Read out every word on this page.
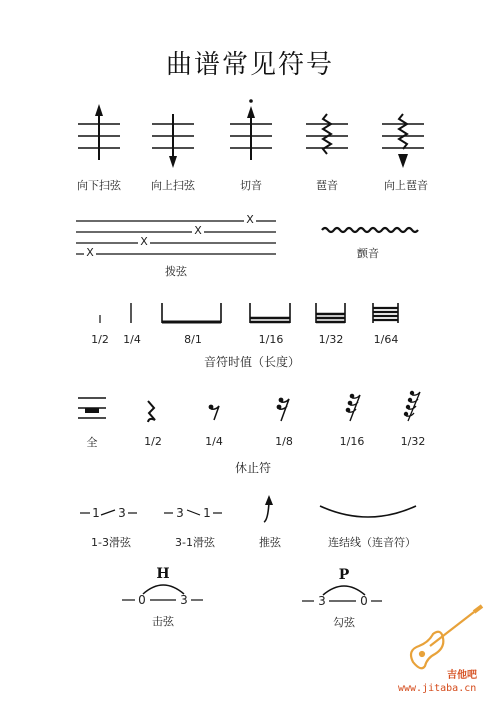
曲谱常见符号
向下扫弦	向上扫弦	切音	琶音	向上琶音
X
X
X
X
拨弦
颤音
1/2 1/4	8/1	1/16	1/32	1/64
音符时值（长度）
全	1/2	1/4	1/8	1/16	1/32
休止符
1 3	3 1
1-3滑弦	3-1滑弦	推弦	连结线（连音符）
H
0	3
击弦
P
3	0
勾弦
吉他吧
www.jitaba.cn
